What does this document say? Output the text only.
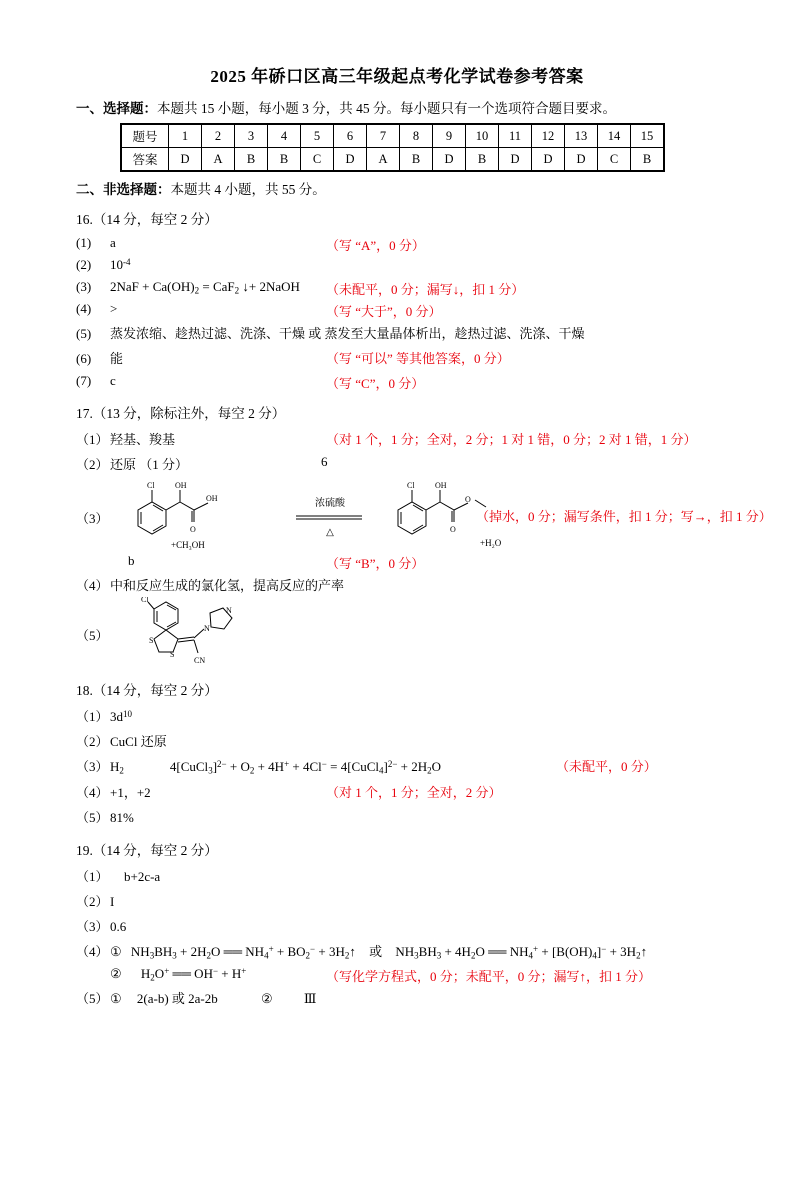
2025 年硚口区高三年级起点考化学试卷参考答案
一、选择题：本题共 15 小题，每小题 3 分，共 45 分。每小题只有一个选项符合题目要求。
题号	1	2	3	4	5	6	7	8	9	10	11	12	13	14	15
答案	D	A	B	B	C	D	A	B	D	B	D	D	D	C	B
二、非选择题：本题共 4 小题，共 55 分。
16.（14 分，每空 2 分）
(1) a	（写 “A”，0 分）
(2) $10^{-4}$
(3) $2NaF + Ca(OH)_2 = CaF_2$ ↓+ 2NaOH （未配平，0 分；漏写↓，扣 1 分）
(4) >	（写 “大于”，0 分）
(5) 蒸发浓缩、趁热过滤、洗涤、干燥 或 蒸发至大量晶体析出，趁热过滤、洗涤、干燥
(6) 能	（写 “可以” 等其他答案，0 分）
(7) c	（写 “C”，0 分）
17.（13 分，除标注外，每空 2 分）
（1）羟基、羧基	（对 1 个，1 分；全对，2 分；1 对 1 错，0 分；2 对 1 错，1 分）
（2）还原 （1 分）	6
（3）
Cl	OH
O
OH
+CH₃OH
浓硫酸
△
Cl	OH
O
O
+H₂O
（掉水，0 分；漏写条件，扣 1 分；写→，扣 1 分）
b	（写 “B”，0 分）
（4）中和反应生成的氯化氢，提高反应的产率
（5）
Cl
S
S
N
N
CN
18.（14 分，每空 2 分）
$(1)3d^{10}$
（2）CuCl 还原
$(3)H_2$	4[CuCl$_3$]$^{2-}$ + $O_2 + 4H^+ + 4Cl^-$ = 4[CuCl$_4$]$^{2-}$ + $2H_2O$	（未配平，0 分）
（4）+1，+2	（对 1 个，1 分；全对，2 分）
（5）81%
19.（14 分，每空 2 分）
（1） b+2c-a
（2）I
（3）0.6
（4）① $NH_3BH_3 + 2H_2O$ ══ $NH_4^+ + BO_2^-$ + $3H_2↑$ 或 $NH_3BH_3 + 4H_2O$ ══ $NH_4^+ + [B(OH)_4]^-$ + $3H_2↑$
② $H_2O^+$ ══ OH− + H+	（写化学方程式，0 分；未配平，0 分；漏写↑，扣 1 分）
（5）① 2(a-b) 或 2a-2b	② Ⅲ
